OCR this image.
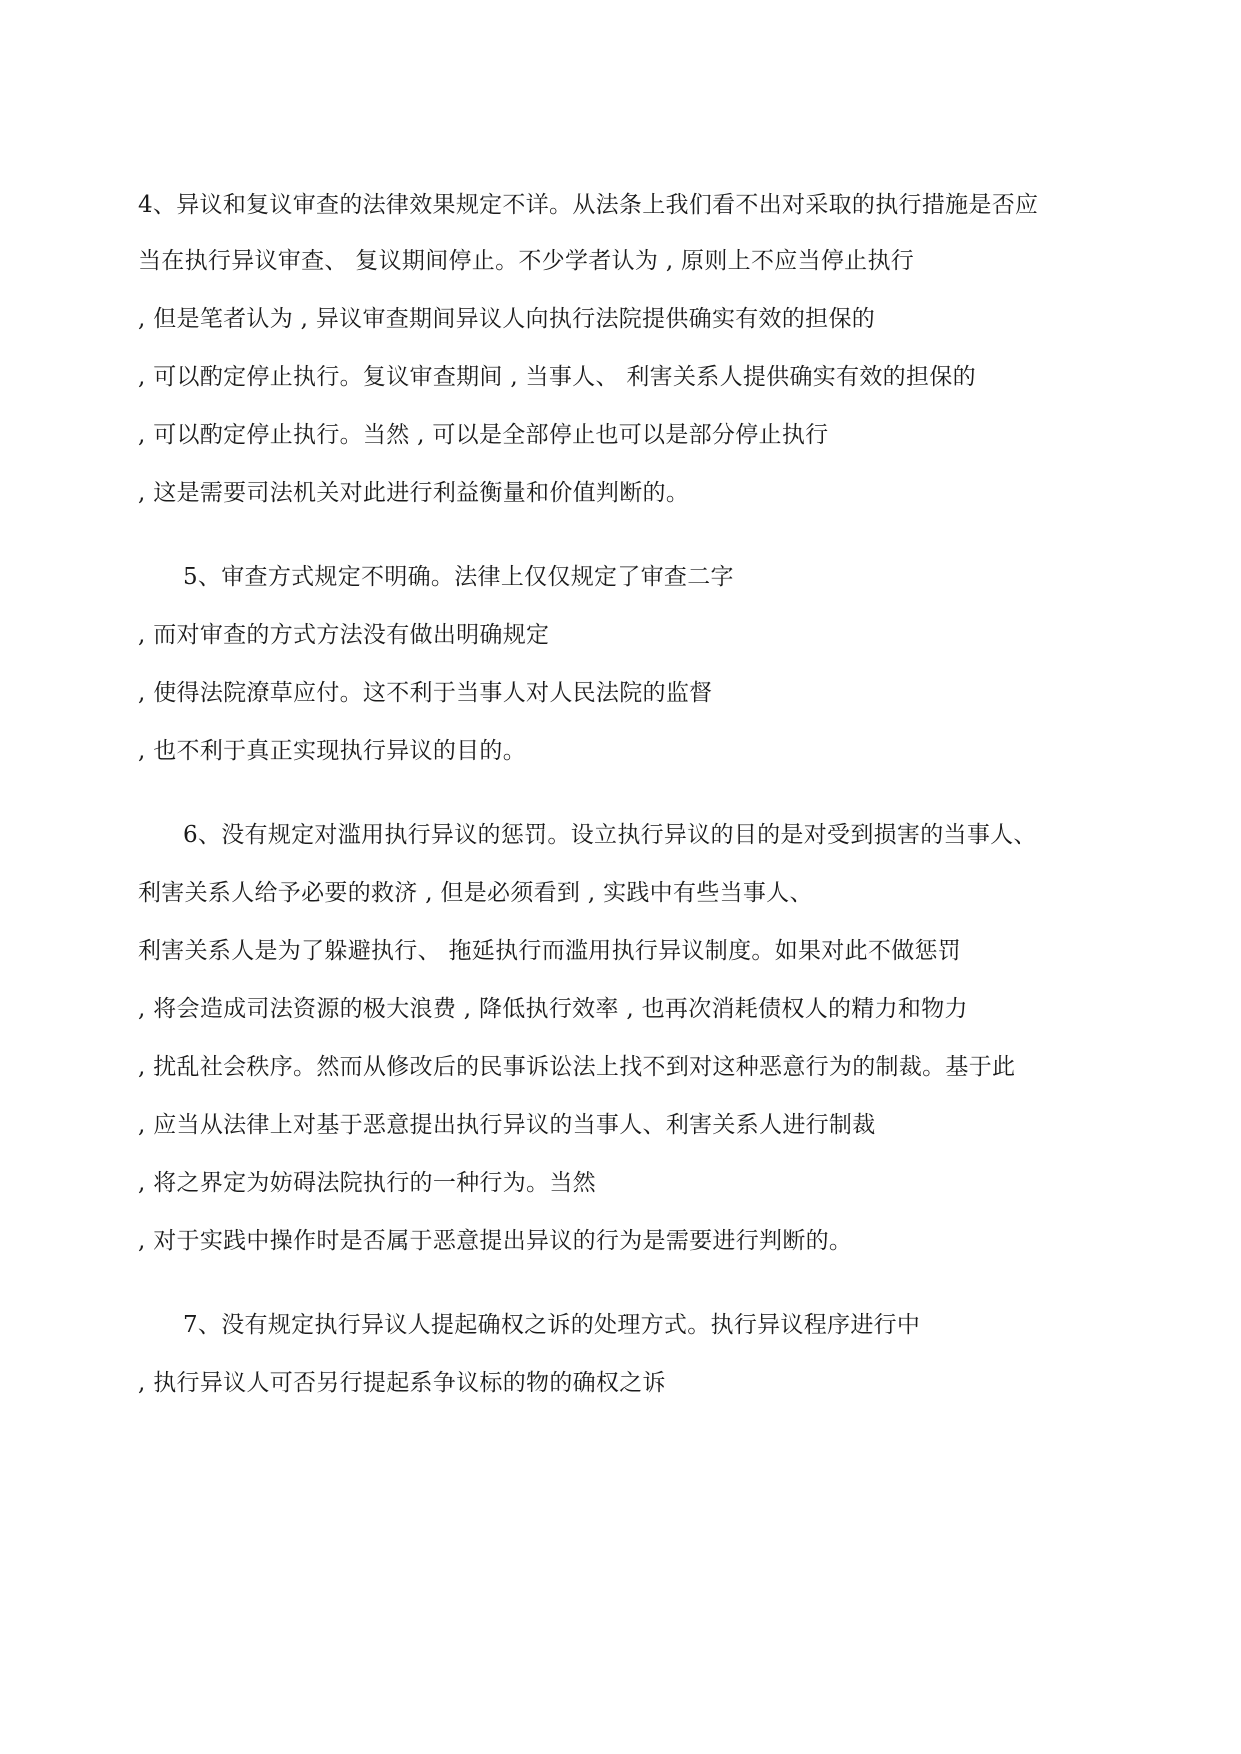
4、异议和复议审查的法律效果规定不详。从法条上我们看不出对采取的执行措施是否应
当在执行异议审查、 复议期间停止。不少学者认为 , 原则上不应当停止执行
, 但是笔者认为 , 异议审查期间异议人向执行法院提供确实有效的担保的
, 可以酌定停止执行。复议审查期间 , 当事人、 利害关系人提供确实有效的担保的
, 可以酌定停止执行。当然 , 可以是全部停止也可以是部分停止执行
, 这是需要司法机关对此进行利益衡量和价值判断的。
5、审查方式规定不明确。法律上仅仅规定了审查二字
, 而对审查的方式方法没有做出明确规定
, 使得法院潦草应付。这不利于当事人对人民法院的监督
, 也不利于真正实现执行异议的目的。
6、没有规定对滥用执行异议的惩罚。设立执行异议的目的是对受到损害的当事人、
利害关系人给予必要的救济 , 但是必须看到 , 实践中有些当事人、
利害关系人是为了躲避执行、 拖延执行而滥用执行异议制度。如果对此不做惩罚
, 将会造成司法资源的极大浪费 , 降低执行效率 , 也再次消耗债权人的精力和物力
, 扰乱社会秩序。然而从修改后的民事诉讼法上找不到对这种恶意行为的制裁。基于此
, 应当从法律上对基于恶意提出执行异议的当事人、利害关系人进行制裁
, 将之界定为妨碍法院执行的一种行为。当然
, 对于实践中操作时是否属于恶意提出异议的行为是需要进行判断的。
7、没有规定执行异议人提起确权之诉的处理方式。执行异议程序进行中
, 执行异议人可否另行提起系争议标的物的确权之诉
